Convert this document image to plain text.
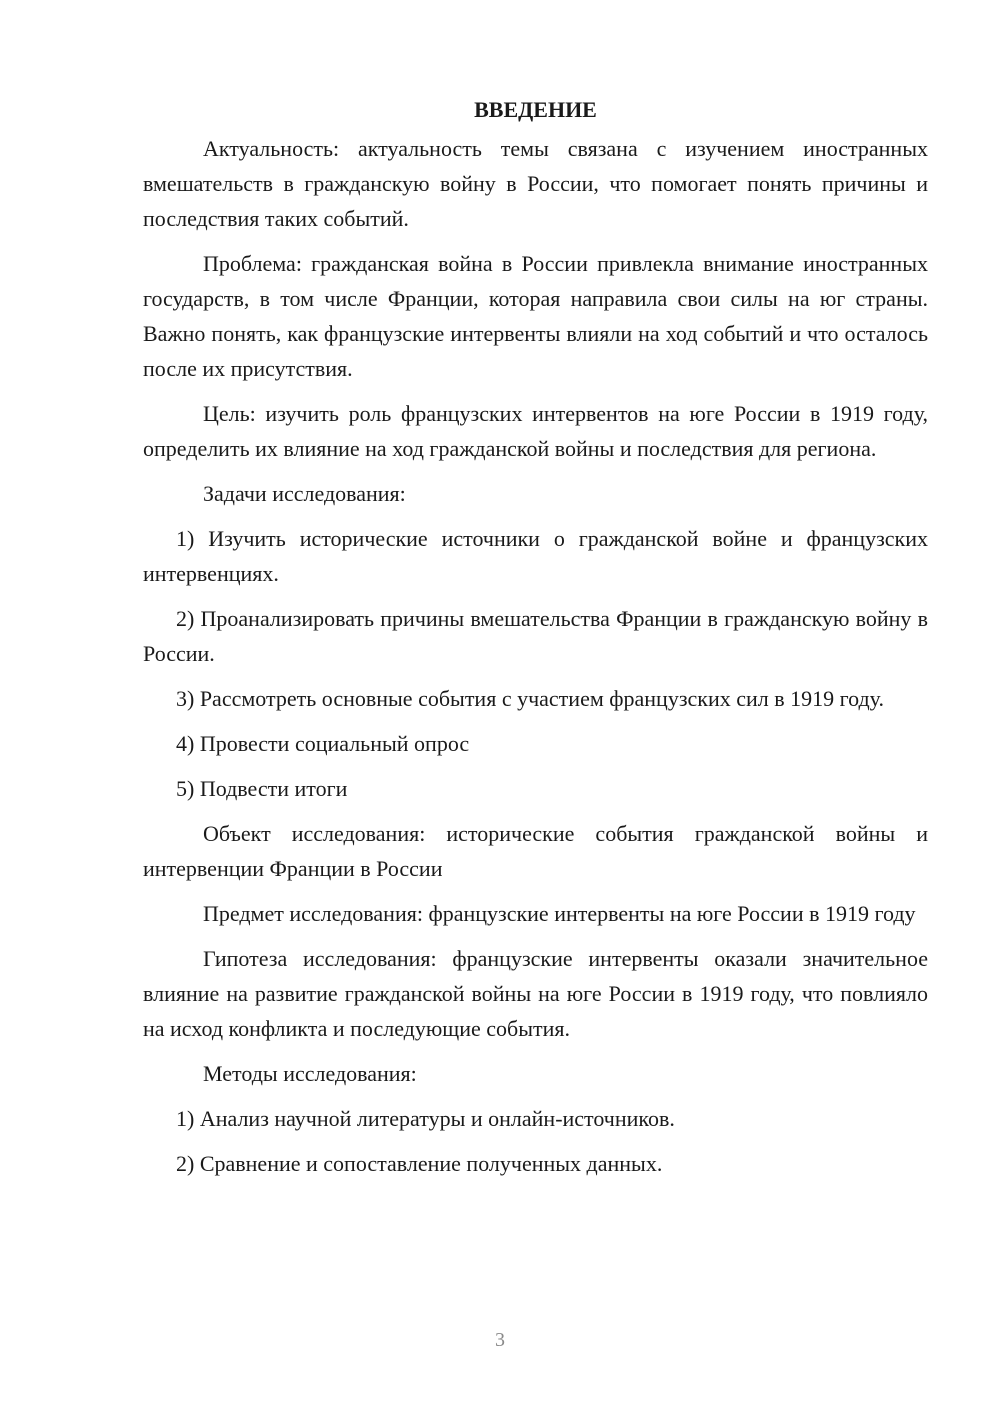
ВВЕДЕНИЕ

Актуальность: актуальность темы связана с изучением иностранных вмешательств в гражданскую войну в России, что помогает понять причины и последствия таких событий.

Проблема: гражданская война в России привлекла внимание иностранных государств, в том числе Франции, которая направила свои силы на юг страны. Важно понять, как французские интервенты влияли на ход событий и что осталось после их присутствия.

Цель: изучить роль французских интервентов на юге России в 1919 году, определить их влияние на ход гражданской войны и последствия для региона.

Задачи исследования:

1) Изучить исторические источники о гражданской войне и французских интервенциях.

2) Проанализировать причины вмешательства Франции в гражданскую войну в России.

3) Рассмотреть основные события с участием французских сил в 1919 году.

4) Провести социальный опрос

5) Подвести итоги

Объект исследования: исторические события гражданской войны и интервенции Франции в России

Предмет исследования: французские интервенты на юге России в 1919 году

Гипотеза исследования: французские интервенты оказали значительное влияние на развитие гражданской войны на юге России в 1919 году, что повлияло на исход конфликта и последующие события.

Методы исследования:

1) Анализ научной литературы и онлайн-источников.

2) Сравнение и сопоставление полученных данных.

3
